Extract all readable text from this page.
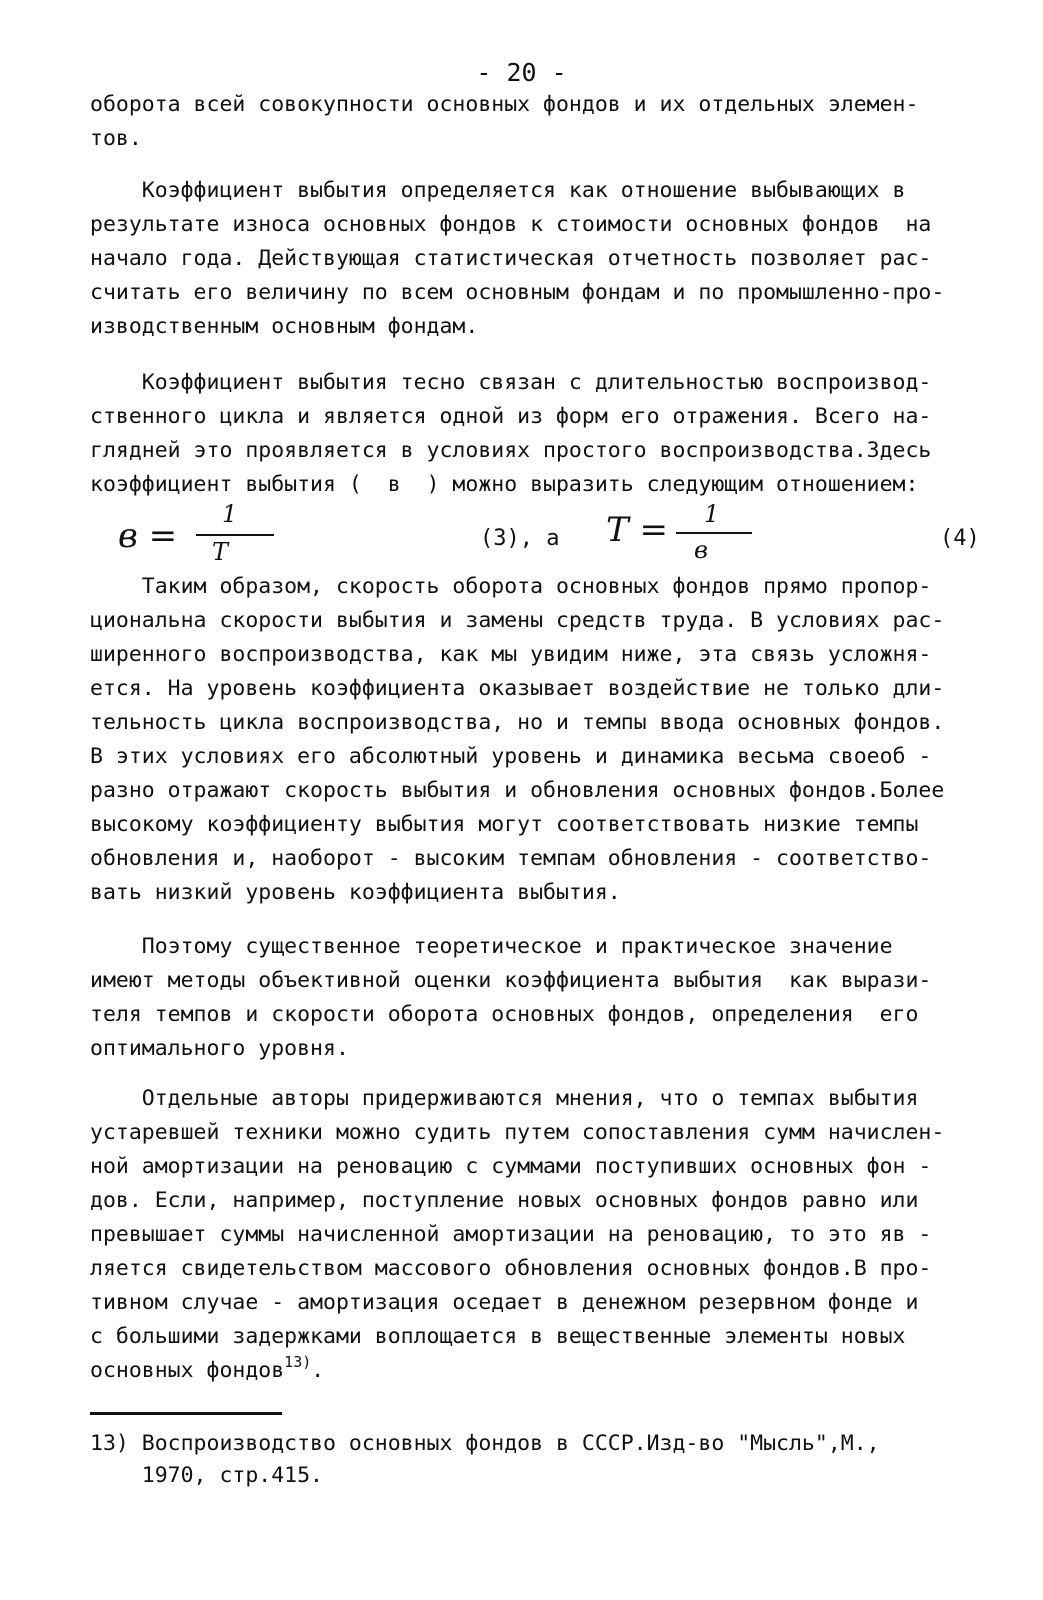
- 20 -

оборота всей совокупности основных фондов и их отдельных элемен-
тов.

Коэффициент выбытия определяется как отношение выбывающих в
результате износа основных фондов к стоимости основных фондов  на
начало года. Действующая статистическая отчетность позволяет рас-
считать его величину по всем основным фондам и по промышленно-про-
изводственным основным фондам.

Коэффициент выбытия тесно связан с длительностью воспроизвод-
ственного цикла и является одной из форм его отражения. Всего на-
глядней это проявляется в условиях простого воспроизводства.Здесь
коэффициент выбытия (  в  ) можно выразить следующим отношением:

в =
1
T	(3), а T = 1
в	(4)

Таким образом, скорость оборота основных фондов прямо пропор-
циональна скорости выбытия и замены средств труда. В условиях рас-
ширенного воспроизводства, как мы увидим ниже, эта связь усложня-
ется. На уровень коэффициента оказывает воздействие не только дли-
тельность цикла воспроизводства, но и темпы ввода основных фондов.
В этих условиях его абсолютный уровень и динамика весьма своеоб -
разно отражают скорость выбытия и обновления основных фондов.Более
высокому коэффициенту выбытия могут соответствовать низкие темпы
обновления и, наоборот - высоким темпам обновления - соответство-
вать низкий уровень коэффициента выбытия.

Поэтому существенное теоретическое и практическое значение
имеют методы объективной оценки коэффициента выбытия  как вырази-
теля темпов и скорости оборота основных фондов, определения  его
оптимального уровня.

Отдельные авторы придерживаются мнения, что о темпах выбытия
устаревшей техники можно судить путем сопоставления сумм начислен-
ной амортизации на реновацию с суммами поступивших основных фон -
дов. Если, например, поступление новых основных фондов равно или
превышает суммы начисленной амортизации на реновацию, то это яв -
ляется свидетельством массового обновления основных фондов.В про-
тивном случае - амортизация оседает в денежном резервном фонде и
с большими задержками воплощается в вещественные элементы новых
основных фондов$^{13)}$.

13) Воспроизводство основных фондов в СССР.Изд-во "Мысль",М.,
1970, стр.415.
